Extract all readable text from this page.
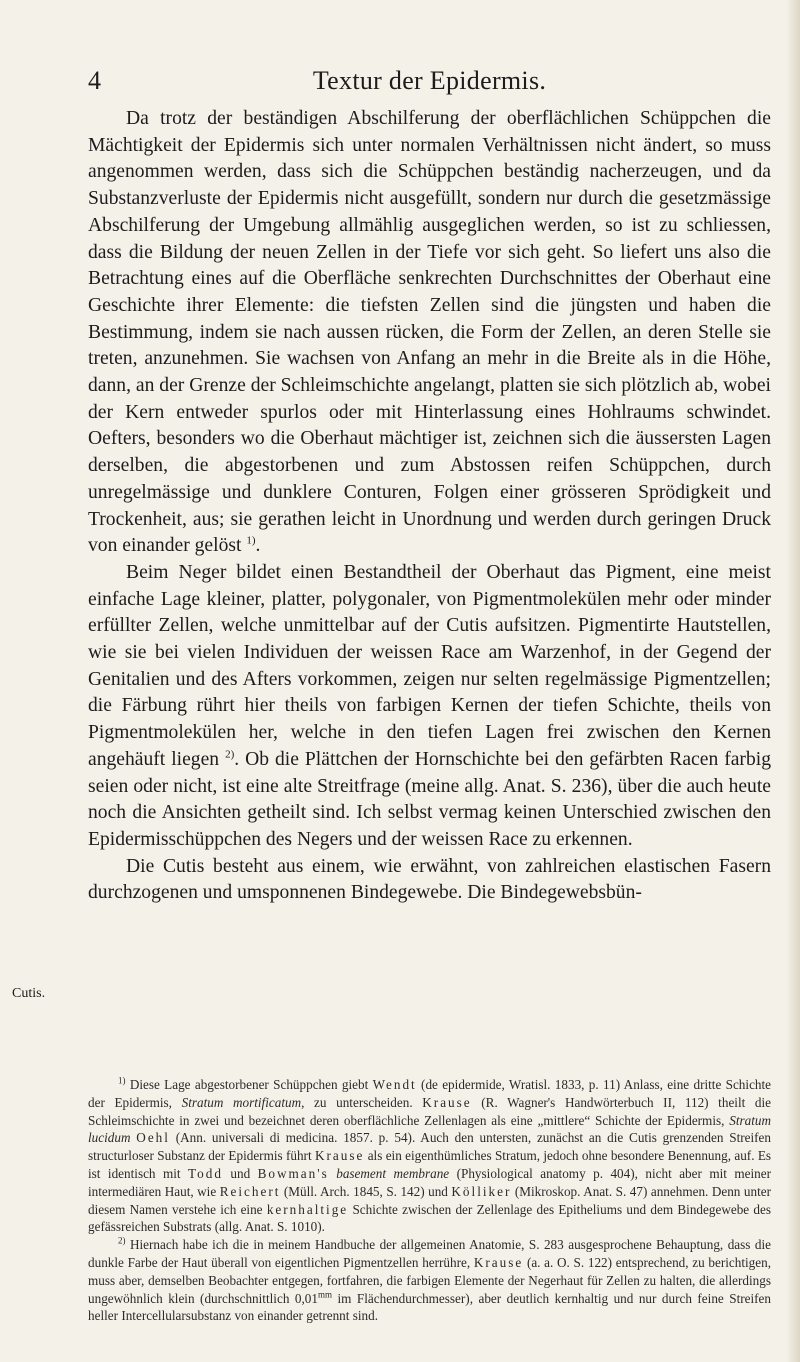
4	Textur der Epidermis.
Cutis.

Da trotz der beständigen Abschilferung der oberflächlichen Schüppchen die Mächtigkeit der Epidermis sich unter normalen Verhältnissen nicht ändert, so muss angenommen werden, dass sich die Schüppchen beständig nacherzeugen, und da Substanzverluste der Epidermis nicht ausgefüllt, sondern nur durch die gesetzmässige Abschilferung der Umgebung allmählig ausgeglichen werden, so ist zu schliessen, dass die Bildung der neuen Zellen in der Tiefe vor sich geht. So liefert uns also die Betrachtung eines auf die Oberfläche senkrechten Durchschnittes der Oberhaut eine Geschichte ihrer Elemente: die tiefsten Zellen sind die jüngsten und haben die Bestimmung, indem sie nach aussen rücken, die Form der Zellen, an deren Stelle sie treten, anzunehmen. Sie wachsen von Anfang an mehr in die Breite als in die Höhe, dann, an der Grenze der Schleimschichte angelangt, platten sie sich plötzlich ab, wobei der Kern entweder spurlos oder mit Hinterlassung eines Hohlraums schwindet. Oefters, besonders wo die Oberhaut mächtiger ist, zeichnen sich die äussersten Lagen derselben, die abgestorbenen und zum Abstossen reifen Schüppchen, durch unregelmässige und dunklere Conturen, Folgen einer grösseren Sprödigkeit und Trockenheit, aus; sie gerathen leicht in Unordnung und werden durch geringen Druck von einander gelöst $^{1)}$.

Beim Neger bildet einen Bestandtheil der Oberhaut das Pigment, eine meist einfache Lage kleiner, platter, polygonaler, von Pigmentmolekülen mehr oder minder erfüllter Zellen, welche unmittelbar auf der Cutis aufsitzen. Pigmentirte Hautstellen, wie sie bei vielen Individuen der weissen Race am Warzenhof, in der Gegend der Genitalien und des Afters vorkommen, zeigen nur selten regelmässige Pigmentzellen; die Färbung rührt hier theils von farbigen Kernen der tiefen Schichte, theils von Pigmentmolekülen her, welche in den tiefen Lagen frei zwischen den Kernen angehäuft liegen $^{2)}$. Ob die Plättchen der Hornschichte bei den gefärbten Racen farbig seien oder nicht, ist eine alte Streitfrage (meine allg. Anat. S. 236), über die auch heute noch die Ansichten getheilt sind. Ich selbst vermag keinen Unterschied zwischen den Epidermisschüppchen des Negers und der weissen Race zu erkennen.

Die Cutis besteht aus einem, wie erwähnt, von zahlreichen elastischen Fasern durchzogenen und umsponnenen Bindegewebe. Die Bindegewebsbün-

$^{1)}$ Diese Lage abgestorbener Schüppchen giebt Wendt (de epidermide, Wratisl. 1833, p. 11) Anlass, eine dritte Schichte der Epidermis, Stratum mortificatum, zu unterscheiden. Krause (R. Wagner's Handwörterbuch II, 112) theilt die Schleimschichte in zwei und bezeichnet deren oberflächliche Zellenlagen als eine „mittlere“ Schichte der Epidermis, Stratum lucidum Oehl (Ann. universali di medicina. 1857. p. 54). Auch den untersten, zunächst an die Cutis grenzenden Streifen structurloser Substanz der Epidermis führt Krause als ein eigenthümliches Stratum, jedoch ohne besondere Benennung, auf. Es ist identisch mit Todd und Bowman's basement membrane (Physiological anatomy p. 404), nicht aber mit meiner intermediären Haut, wie Reichert (Müll. Arch. 1845, S. 142) und Kölliker (Mikroskop. Anat. S. 47) annehmen. Denn unter diesem Namen verstehe ich eine kernhaltige Schichte zwischen der Zellenlage des Epitheliums und dem Bindegewebe des gefässreichen Substrats (allg. Anat. S. 1010).

$^{2)}$ Hiernach habe ich die in meinem Handbuche der allgemeinen Anatomie, S. 283 ausgesprochene Behauptung, dass die dunkle Farbe der Haut überall von eigentlichen Pigmentzellen herrühre, Krause (a. a. O. S. 122) entsprechend, zu berichtigen, muss aber, demselben Beobachter entgegen, fortfahren, die farbigen Elemente der Negerhaut für Zellen zu halten, die allerdings ungewöhnlich klein (durchschnittlich $0,01^{mm}$ im Flächendurchmesser), aber deutlich kernhaltig und nur durch feine Streifen heller Intercellularsubstanz von einander getrennt sind.
